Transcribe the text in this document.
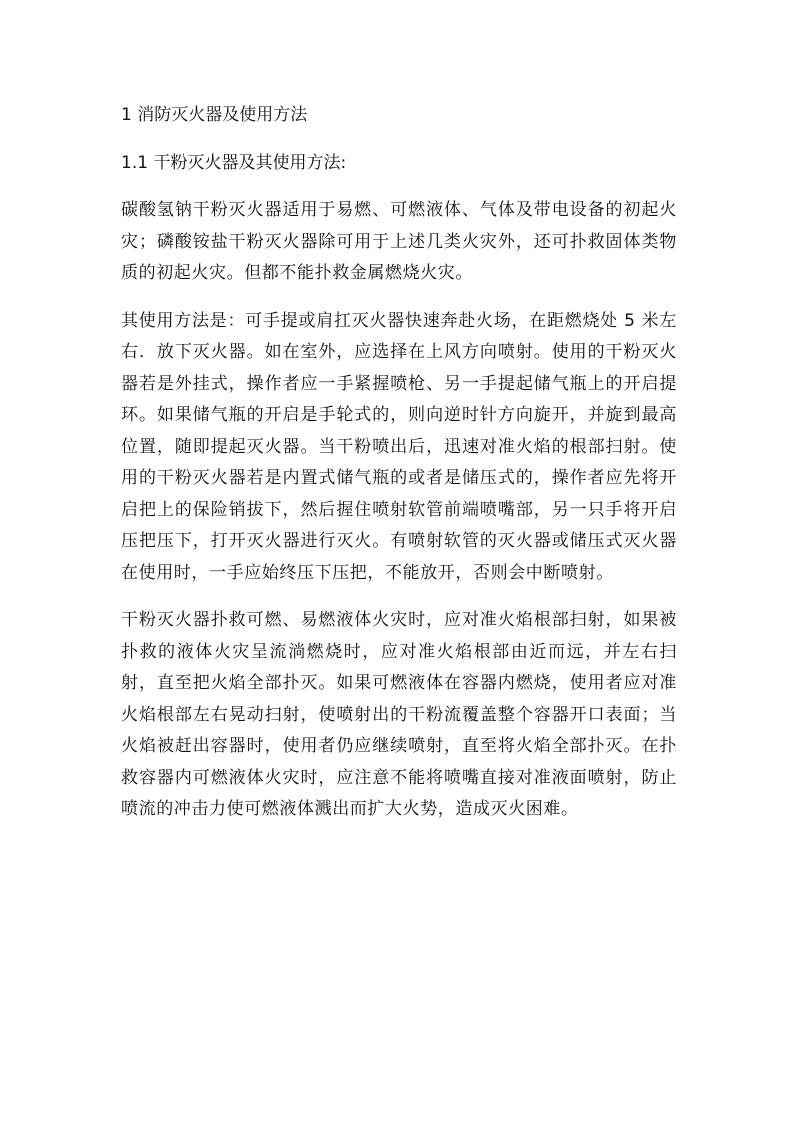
1 消防灭火器及使用方法
1.1 干粉灭火器及其使用方法:

碳酸氢钠干粉灭火器适用于易燃、可燃液体、气体及带电设备的初起火灾；磷酸铵盐干粉灭火器除可用于上述几类火灾外，还可扑救固体类物质的初起火灾。但都不能扑救金属燃烧火灾。

其使用方法是：可手提或肩扛灭火器快速奔赴火场，在距燃烧处 5 米左右．放下灭火器。如在室外，应选择在上风方向喷射。使用的干粉灭火器若是外挂式，操作者应一手紧握喷枪、另一手提起储气瓶上的开启提环。如果储气瓶的开启是手轮式的，则向逆时针方向旋开，并旋到最高位置，随即提起灭火器。当干粉喷出后，迅速对准火焰的根部扫射。使用的干粉灭火器若是内置式储气瓶的或者是储压式的，操作者应先将开启把上的保险销拔下，然后握住喷射软管前端喷嘴部，另一只手将开启压把压下，打开灭火器进行灭火。有喷射软管的灭火器或储压式灭火器在使用时，一手应始终压下压把，不能放开，否则会中断喷射。

干粉灭火器扑救可燃、易燃液体火灾时，应对准火焰根部扫射，如果被扑救的液体火灾呈流淌燃烧时，应对准火焰根部由近而远，并左右扫射，直至把火焰全部扑灭。如果可燃液体在容器内燃烧，使用者应对准火焰根部左右晃动扫射，使喷射出的干粉流覆盖整个容器开口表面；当火焰被赶出容器时，使用者仍应继续喷射，直至将火焰全部扑灭。在扑救容器内可燃液体火灾时，应注意不能将喷嘴直接对准液面喷射，防止喷流的冲击力使可燃液体溅出而扩大火势，造成灭火困难。
